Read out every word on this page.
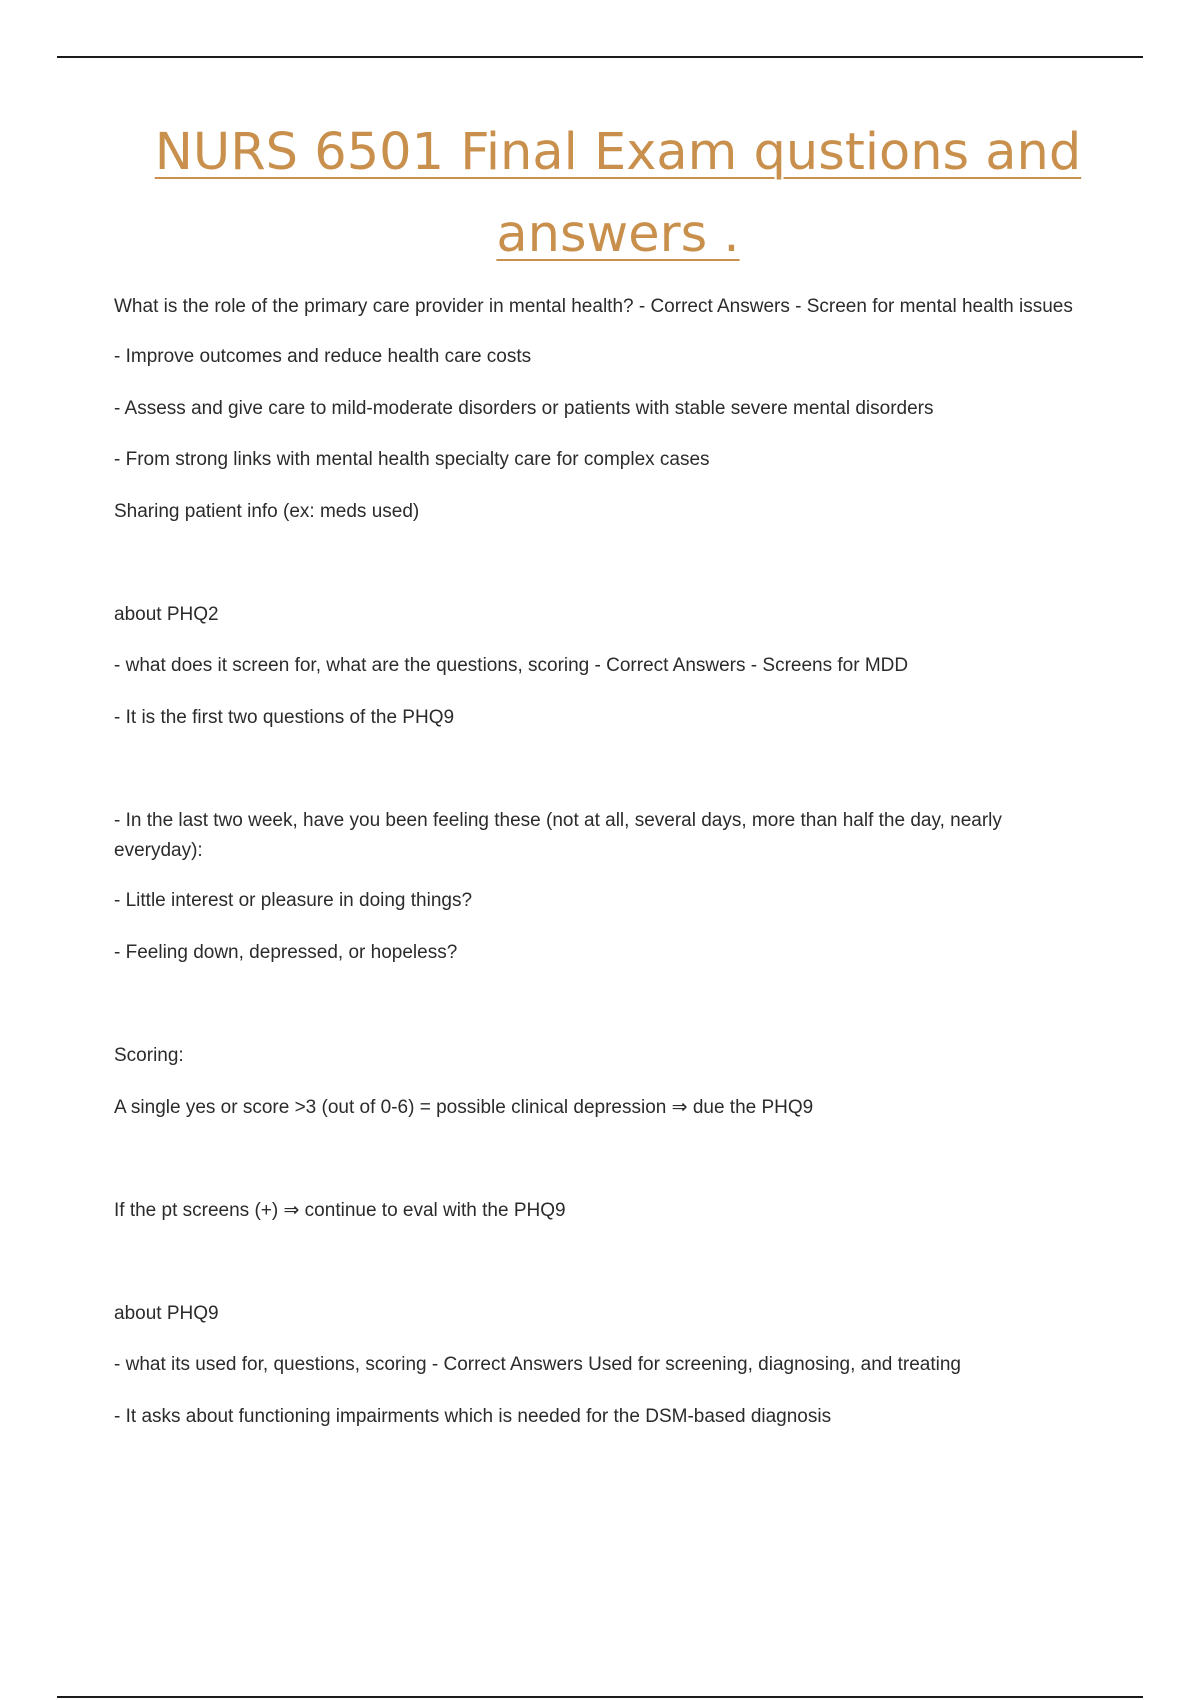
NURS 6501 Final Exam qustions and
answers .

What is the role of the primary care provider in mental health? - Correct Answers - Screen for mental health issues

- Improve outcomes and reduce health care costs

- Assess and give care to mild-moderate disorders or patients with stable severe mental disorders

- From strong links with mental health specialty care for complex cases

Sharing patient info (ex: meds used)

about PHQ2

- what does it screen for, what are the questions, scoring - Correct Answers - Screens for MDD

- It is the first two questions of the PHQ9

- In the last two week, have you been feeling these (not at all, several days, more than half the day, nearly everyday):

- Little interest or pleasure in doing things?

- Feeling down, depressed, or hopeless?

Scoring:

A single yes or score >3 (out of 0-6) = possible clinical depression ⇒ due the PHQ9

If the pt screens (+) ⇒ continue to eval with the PHQ9

about PHQ9

- what its used for, questions, scoring - Correct Answers Used for screening, diagnosing, and treating

- It asks about functioning impairments which is needed for the DSM-based diagnosis
